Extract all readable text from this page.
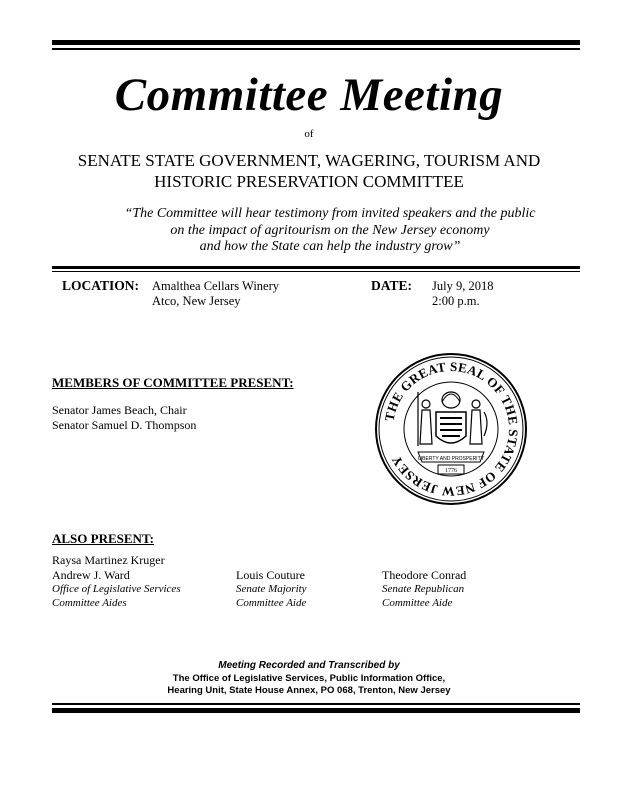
Committee Meeting
of
SENATE STATE GOVERNMENT, WAGERING, TOURISM AND
HISTORIC PRESERVATION COMMITTEE
“The Committee will hear testimony from invited speakers and the public
on the impact of agritourism on the New Jersey economy
and how the State can help the industry grow”
LOCATION: Amalthea Cellars Winery
Atco, New Jersey
DATE: July 9, 2018
2:00 p.m.
MEMBERS OF COMMITTEE PRESENT:
Senator James Beach, Chair
Senator Samuel D. Thompson
THE GREAT SEAL OF THE STATE OF NEW JERSEY	LIBERTY AND PROSPERITY
1776
ALSO PRESENT:
Raysa Martinez Kruger
Andrew J. Ward
Office of Legislative Services
Committee Aides
Louis Couture
Senate Majority
Committee Aide
Theodore Conrad
Senate Republican
Committee Aide
Meeting Recorded and Transcribed by
The Office of Legislative Services, Public Information Office,
Hearing Unit, State House Annex, PO 068, Trenton, New Jersey
